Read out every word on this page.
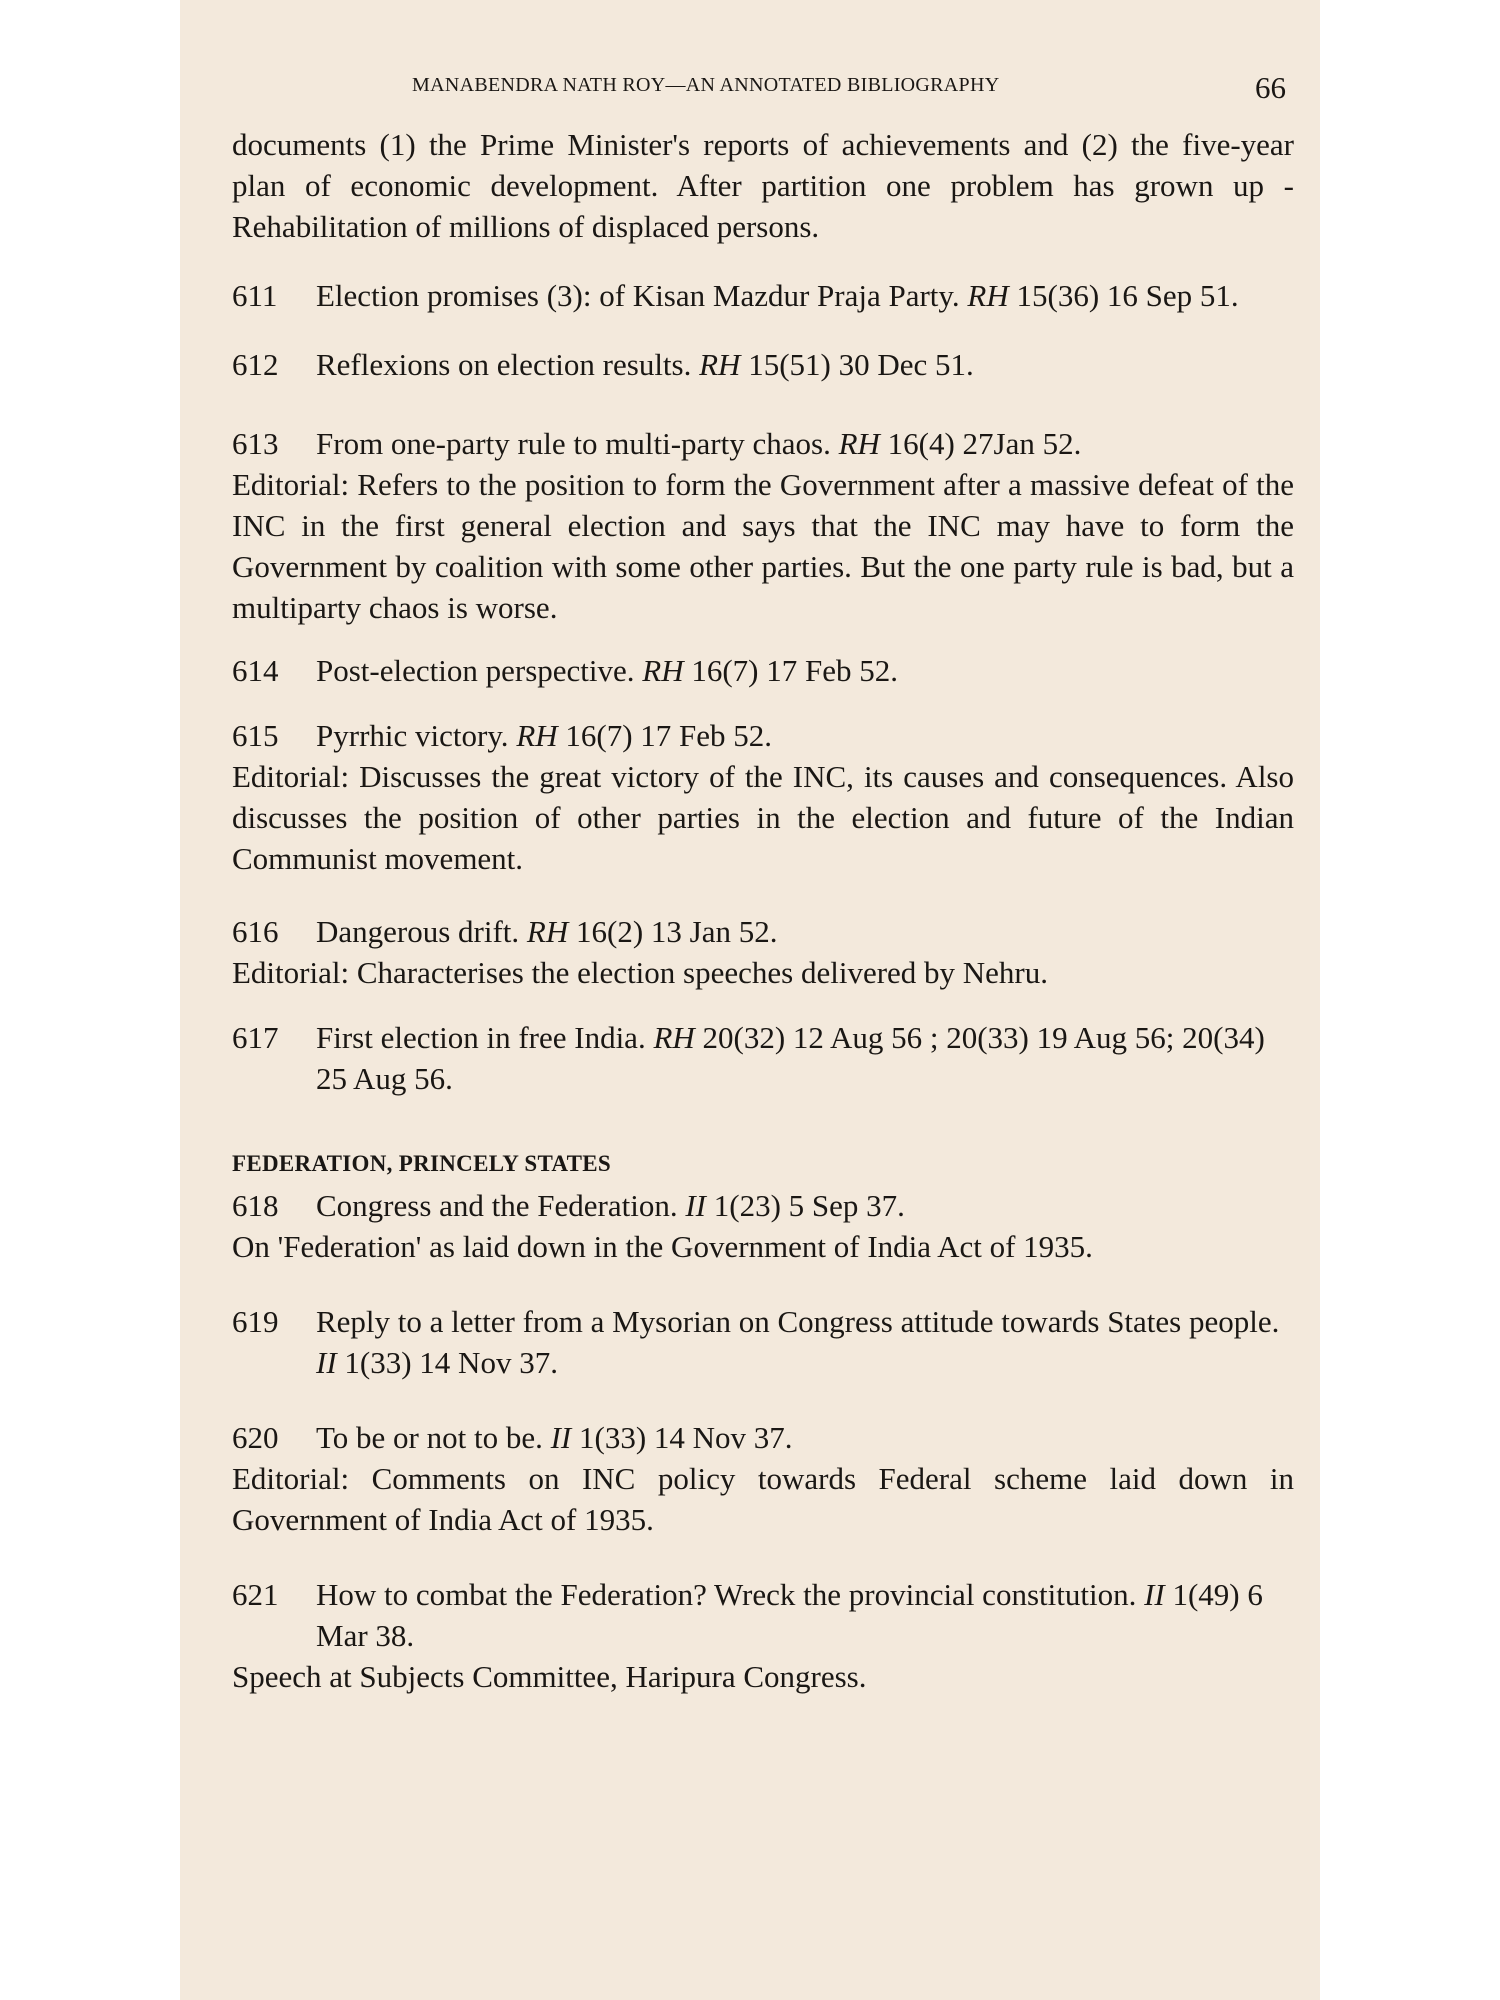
MANABENDRA NATH ROY—AN ANNOTATED BIBLIOGRAPHY	66

documents (1) the Prime Minister's reports of achievements and (2) the five-year plan of economic development. After partition one problem has grown up -Rehabilitation of millions of displaced persons.

611	Election promises (3): of Kisan Mazdur Praja Party. RH 15(36) 16 Sep 51.
612	Reflexions on election results. RH 15(51) 30 Dec 51.
613	From one-party rule to multi-party chaos. RH 16(4) 27Jan 52.

Editorial: Refers to the position to form the Government after a massive defeat of the INC in the first general election and says that the INC may have to form the Government by coalition with some other parties. But the one party rule is bad, but a multiparty chaos is worse.

614	Post-election perspective. RH 16(7) 17 Feb 52.
615	Pyrrhic victory. RH 16(7) 17 Feb 52.

Editorial: Discusses the great victory of the INC, its causes and consequences. Also discusses the position of other parties in the election and future of the Indian Communist movement.

616	Dangerous drift. RH 16(2) 13 Jan 52.

Editorial: Characterises the election speeches delivered by Nehru.

617	First election in free India. RH 20(32) 12 Aug 56 ; 20(33) 19 Aug 56; 20(34) 25 Aug 56.
FEDERATION, PRINCELY STATES
618	Congress and the Federation. II 1(23) 5 Sep 37.

On 'Federation' as laid down in the Government of India Act of 1935.

619	Reply to a letter from a Mysorian on Congress attitude towards States people. II 1(33) 14 Nov 37.
620	To be or not to be. II 1(33) 14 Nov 37.

Editorial: Comments on INC policy towards Federal scheme laid down in Government of India Act of 1935.

621	How to combat the Federation? Wreck the provincial constitution. II 1(49) 6 Mar 38.

Speech at Subjects Committee, Haripura Congress.
